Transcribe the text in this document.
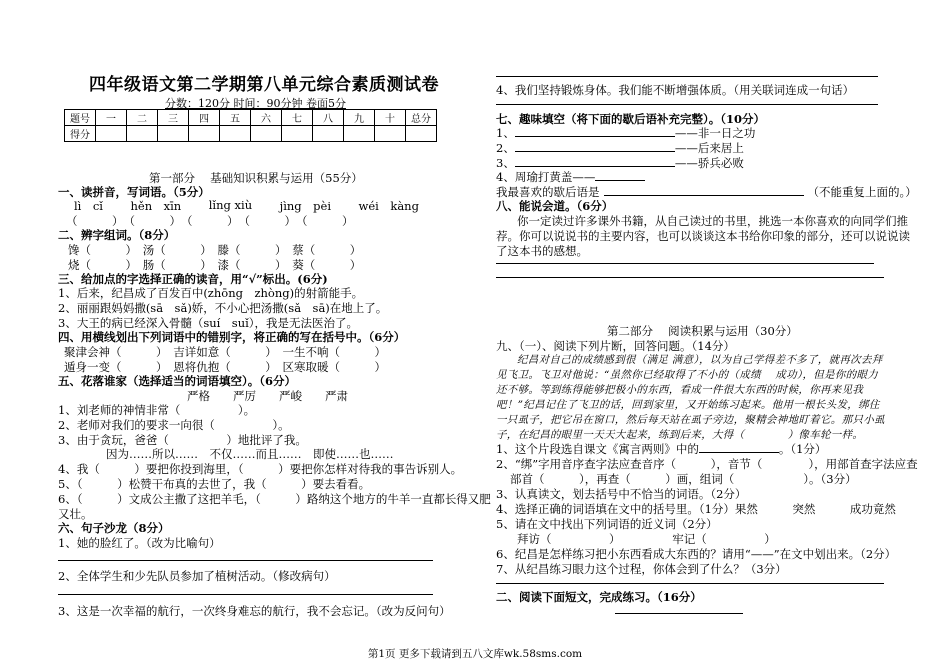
四年级语文第二学期第八单元综合素质测试卷
分数：120分 时间：90分钟 卷面5分
题号	一	二	三	四	五	六	七	八	九	十	总分
得分											
第一部分　 基础知识积累与运用（55分）
一、读拼音，写词语。（5分）
lì　cǐ hěn　xīn lǐng xiù jìng　pèi wéi　kàng
（　　　）　（　　　）　（　　　）　（　　　）　（　　　）
二、辨字组词。（8分）
馋（　　　）　汤（　　　）　滕（　　　）　蔡（　　　）
烧（　　　）　肠（　　　）　漆（　　　）　葵（　　　）
三、给加点的字选择正确的读音，用“√”标出。(6分)
1、后来，纪昌成了百发百中(zhōng　zhòng)的射箭能手。
2、丽丽跟妈妈撒(sā　sǎ)娇，不小心把汤撒(sǎ　sā)在地上了。
3、大王的病已经深入骨髓（suí　suǐ），我是无法医治了。
四、用横线划出下列词语中的错别字，将正确的写在括号中。（6分）
聚津会神（　　　）　吉详如意（　　　）　一生不响（　　　）
遁身一变（　　　）　恩将仇抱（　　　）　区寒取暖（　　　）
五、花落谁家（选择适当的词语填空）。（6分）
严格　　严厉　　严峻　　严肃
1、刘老师的神情非常（　　　　　）。
2、老师对我们的要求一向很（　　　　　）。
3、由于贪玩，爸爸（　　　　　）地批评了我。
因为……所以……　不仅……而且……　即使……也……
4、我（　　　）要把你投到海里，（　　　）要把你怎样对待我的事告诉别人。
5、（　　　）松赞干布真的去世了，我（　　　）要去看看。
6、（　　　）文成公主撒了这把羊毛，（　　　）路纳这个地方的牛羊一直都长得又肥
又壮。
六、句子沙龙（8分）
1、她的脸红了。（改为比喻句）
2、全体学生和少先队员参加了植树活动。（修改病句）
3、这是一次幸福的航行，一次终身难忘的航行，我不会忘记。（改为反问句）
4、我们坚持锻炼身体。我们能不断增强体质。（用关联词连成一句话）
七、趣味填空（将下面的歇后语补充完整）。（10分）
1、	——非一日之功
2、	——后来居上
3、	——骄兵必败
4、周瑜打黄盖——
我最喜欢的歇后语是	（不能重复上面的。）
八、能说会道。（6分）
你一定读过许多课外书籍，从自己读过的书里，挑选一本你喜欢的向同学们推
荐。你可以说说书的主要内容，也可以谈谈这本书给你印象的部分，还可以说说读
了这本书的感想。
第二部分　 阅读积累与运用（30分）
九、（一）、阅读下列片断，回答问题。（14分）
纪昌对自己的成绩感到很（满足 满意），以为自己学得差不多了，就再次去拜
见飞卫。飞卫对他说：“虽然你已经取得了不小的（成绩　 成功），但是你的眼力
还不够。等到练得能够把极小的东西，看成一件很大东西的时候，你再来见我
吧！”纪昌记住了飞卫的话，回到家里，又开始练习起来。他用一根长头发，绑住
一只虱子，把它吊在窗口，然后每天站在虱子旁边，聚精会神地盯着它。那只小虱
子，在纪昌的眼里一天天大起来，练到后来，大得（　　　　）像车轮一样。
1、这个片段选自课文《寓言两则》中的	。（1分）
2、“绑”字用音序查字法应查音序（　　　），音节（　　　　），用部首查字法应查
部首（　　　），再查（　　　）画，组词（　　　　　　）。（3分）
3、认真读文，划去括号中不恰当的词语。（2分）
4、选择正确的词语填在文中的括号里。（1分）果然　　　突然　　　成功竟然
5、请在文中找出下列词语的近义词（2分）
拜访（　　　　　）　　　　　牢记（　　　　　）
6、纪昌是怎样练习把小东西看成大东西的？请用“——”在文中划出来。（2分）
7、从纪昌练习眼力这个过程，你体会到了什么？（3分）
二、阅读下面短文，完成练习。（16分）
第1页 更多下载请到五八文库wk.58sms.com
